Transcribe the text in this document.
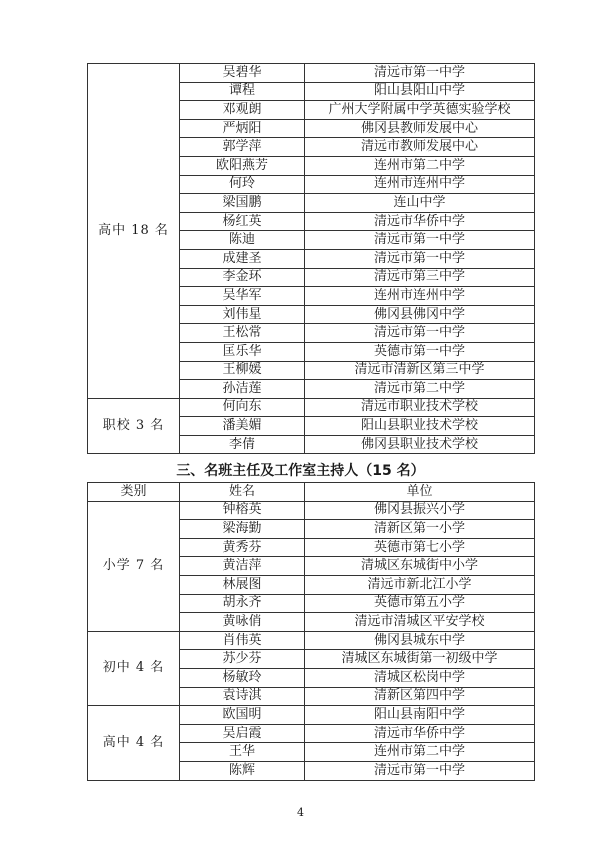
高中 18 名	吴碧华	清远市第一中学
	谭程	阳山县阳山中学
	邓观朗	广州大学附属中学英德实验学校
	严炳阳	佛冈县教师发展中心
	郭学萍	清远市教师发展中心
	欧阳燕芳	连州市第二中学
	何玲	连州市连州中学
	梁国鹏	连山中学
	杨红英	清远市华侨中学
	陈迪	清远市第一中学
	成建圣	清远市第一中学
	李金环	清远市第三中学
	吴华军	连州市连州中学
	刘伟星	佛冈县佛冈中学
	王松常	清远市第一中学
	匡乐华	英德市第一中学
	王柳媛	清远市清新区第三中学
	孙洁莲	清远市第二中学
职校 3 名	何向东	清远市职业技术学校
	潘美媚	阳山县职业技术学校
	李倩	佛冈县职业技术学校
三、名班主任及工作室主持人（15 名）
类别	姓名	单位
小学 7 名	钟榕英	佛冈县振兴小学
	梁海勤	清新区第一小学
	黄秀芬	英德市第七小学
	黄洁萍	清城区东城街中小学
	林展图	清远市新北江小学
	胡永齐	英德市第五小学
	黄咏俏	清远市清城区平安学校
初中 4 名	肖伟英	佛冈县城东中学
	苏少芬	清城区东城街第一初级中学
	杨敏玲	清城区松岗中学
	袁诗淇	清新区第四中学
高中 4 名	欧国明	阳山县南阳中学
	吴启霞	清远市华侨中学
	王华	连州市第二中学
	陈辉	清远市第一中学
4
